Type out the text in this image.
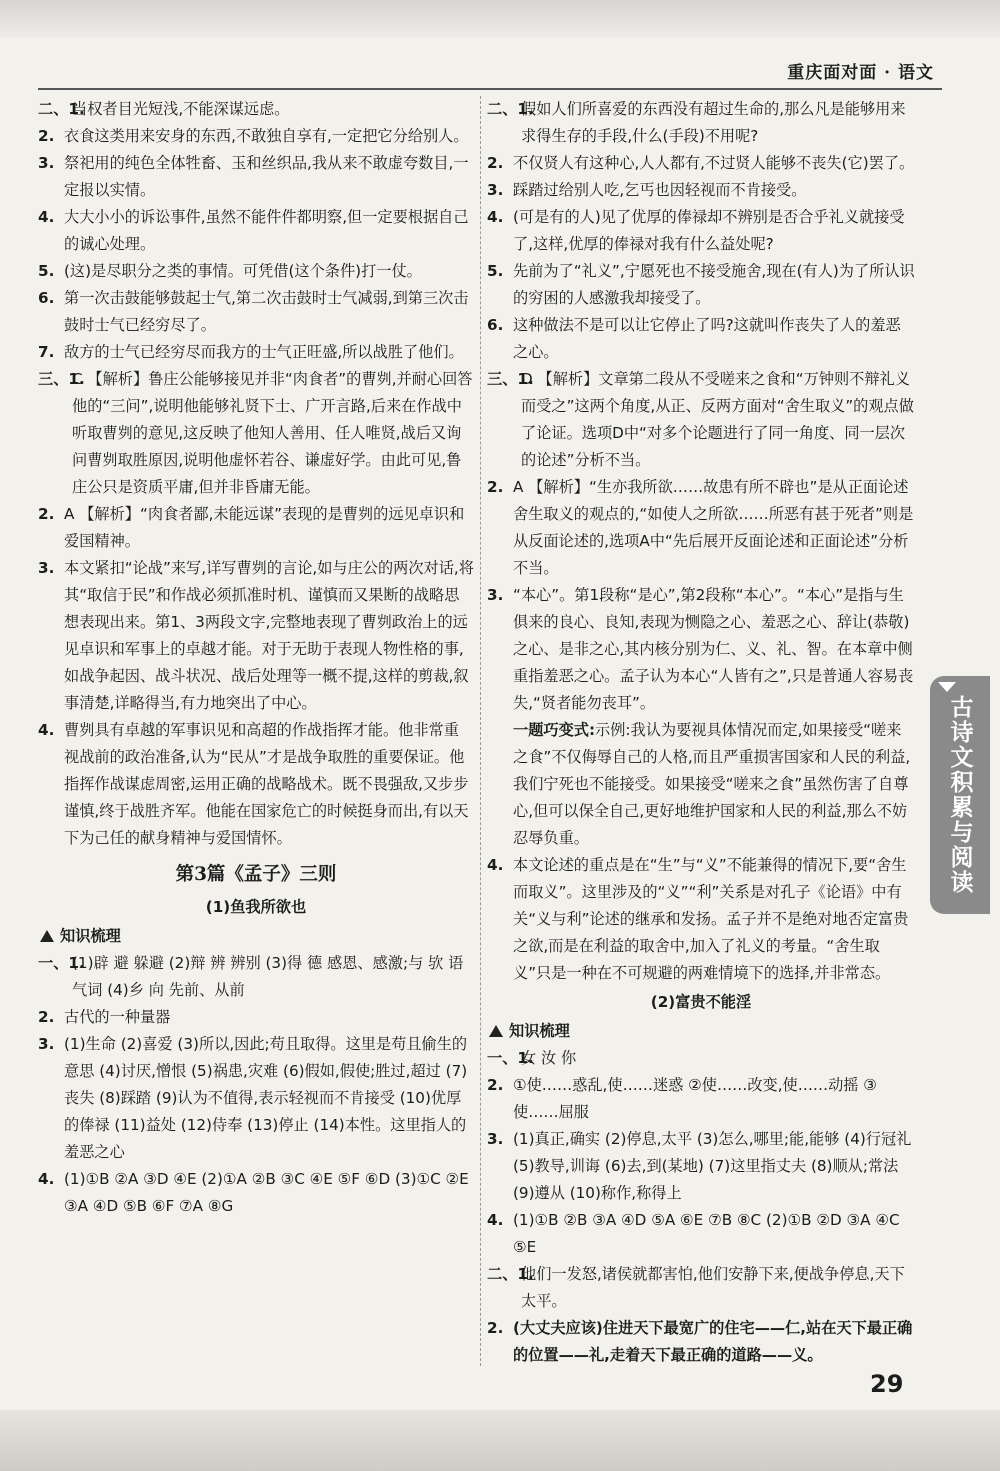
重庆面对面 · 语文
二、1.
当权者目光短浅,不能深谋远虑。
2. 衣食这类用来安身的东西,不敢独自享有,一定把它分给别人。
3. 祭祀用的纯色全体牲畜、玉和丝织品,我从来不敢虚夸数目,一定报以实情。
4. 大大小小的诉讼事件,虽然不能件件都明察,但一定要根据自己的诚心处理。
5. (这)是尽职分之类的事情。可凭借(这个条件)打一仗。
6. 第一次击鼓能够鼓起士气,第二次击鼓时士气减弱,到第三次击鼓时士气已经穷尽了。
7. 敌方的士气已经穷尽而我方的士气正旺盛,所以战胜了他们。
三、1.
C 【解析】鲁庄公能够接见并非“肉食者”的曹刿,并耐心回答他的“三问”,说明他能够礼贤下士、广开言路,后来在作战中听取曹刿的意见,这反映了他知人善用、任人唯贤,战后又询问曹刿取胜原因,说明他虚怀若谷、谦虚好学。由此可见,鲁庄公只是资质平庸,但并非昏庸无能。
2. A 【解析】“肉食者鄙,未能远谋”表现的是曹刿的远见卓识和爱国精神。
3. 本文紧扣“论战”来写,详写曹刿的言论,如与庄公的两次对话,将其“取信于民”和作战必须抓准时机、谨慎而又果断的战略思想表现出来。第1、3两段文字,完整地表现了曹刿政治上的远见卓识和军事上的卓越才能。对于无助于表现人物性格的事,如战争起因、战斗状况、战后处理等一概不提,这样的剪裁,叙事清楚,详略得当,有力地突出了中心。
4. 曹刿具有卓越的军事识见和高超的作战指挥才能。他非常重视战前的政治准备,认为“民从”才是战争取胜的重要保证。他指挥作战谋虑周密,运用正确的战略战术。既不畏强敌,又步步谨慎,终于战胜齐军。他能在国家危亡的时候挺身而出,有以天下为己任的献身精神与爱国情怀。
第3篇《孟子》三则
(1)鱼我所欲也
知识梳理
一、1.
(1)辟 避 躲避 (2)辩 辨 辨别 (3)得 德 感恩、感激;与 欤 语气词 (4)乡 向 先前、从前
2. 古代的一种量器
3. (1)生命 (2)喜爱 (3)所以,因此;苟且取得。这里是苟且偷生的意思 (4)讨厌,憎恨 (5)祸患,灾难 (6)假如,假使;胜过,超过 (7)丧失 (8)踩踏 (9)认为不值得,表示轻视而不肯接受 (10)优厚的俸禄 (11)益处 (12)侍奉 (13)停止 (14)本性。这里指人的羞恶之心
4. (1)①B ②A ③D ④E (2)①A ②B ③C ④E ⑤F ⑥D (3)①C ②E ③A ④D ⑤B ⑥F ⑦A ⑧G
二、1.
假如人们所喜爱的东西没有超过生命的,那么凡是能够用来求得生存的手段,什么(手段)不用呢?
2. 不仅贤人有这种心,人人都有,不过贤人能够不丧失(它)罢了。
3. 踩踏过给别人吃,乞丐也因轻视而不肯接受。
4. (可是有的人)见了优厚的俸禄却不辨别是否合乎礼义就接受了,这样,优厚的俸禄对我有什么益处呢?
5. 先前为了“礼义”,宁愿死也不接受施舍,现在(有人)为了所认识的穷困的人感激我却接受了。
6. 这种做法不是可以让它停止了吗?这就叫作丧失了人的羞恶之心。
三、1.
D 【解析】文章第二段从不受嗟来之食和“万钟则不辩礼义而受之”这两个角度,从正、反两方面对“舍生取义”的观点做了论证。选项D中“对多个论题进行了同一角度、同一层次的论述”分析不当。
2. A 【解析】“生亦我所欲……故患有所不辟也”是从正面论述舍生取义的观点的,“如使人之所欲……所恶有甚于死者”则是从反面论述的,选项A中“先后展开反面论述和正面论述”分析不当。
3. “本心”。第1段称“是心”,第2段称“本心”。“本心”是指与生俱来的良心、良知,表现为恻隐之心、羞恶之心、辞让(恭敬)之心、是非之心,其内核分别为仁、义、礼、智。在本章中侧重指羞恶之心。孟子认为本心“人皆有之”,只是普通人容易丧失,“贤者能勿丧耳”。
一题巧变式:示例:我认为要视具体情况而定,如果接受“嗟来之食”不仅侮辱自己的人格,而且严重损害国家和人民的利益,我们宁死也不能接受。如果接受“嗟来之食”虽然伤害了自尊心,但可以保全自己,更好地维护国家和人民的利益,那么不妨忍辱负重。
4. 本文论述的重点是在“生”与“义”不能兼得的情况下,要“舍生而取义”。这里涉及的“义”“利”关系是对孔子《论语》中有关“义与利”论述的继承和发扬。孟子并不是绝对地否定富贵之欲,而是在利益的取舍中,加入了礼义的考量。“舍生取义”只是一种在不可规避的两难情境下的选择,并非常态。
(2)富贵不能淫
知识梳理
一、1.
女 汝 你
2. ①使……惑乱,使……迷惑 ②使……改变,使……动摇 ③使……屈服
3. (1)真正,确实 (2)停息,太平 (3)怎么,哪里;能,能够 (4)行冠礼 (5)教导,训诲 (6)去,到(某地) (7)这里指丈夫 (8)顺从;常法 (9)遵从 (10)称作,称得上
4. (1)①B ②B ③A ④D ⑤A ⑥E ⑦B ⑧C (2)①B ②D ③A ④C ⑤E
二、1.
他们一发怒,诸侯就都害怕,他们安静下来,便战争停息,天下太平。
2. (大丈夫应该)住进天下最宽广的住宅——仁,站在天下最正确的位置——礼,走着天下最正确的道路——义。
古诗文积累与阅读
29
